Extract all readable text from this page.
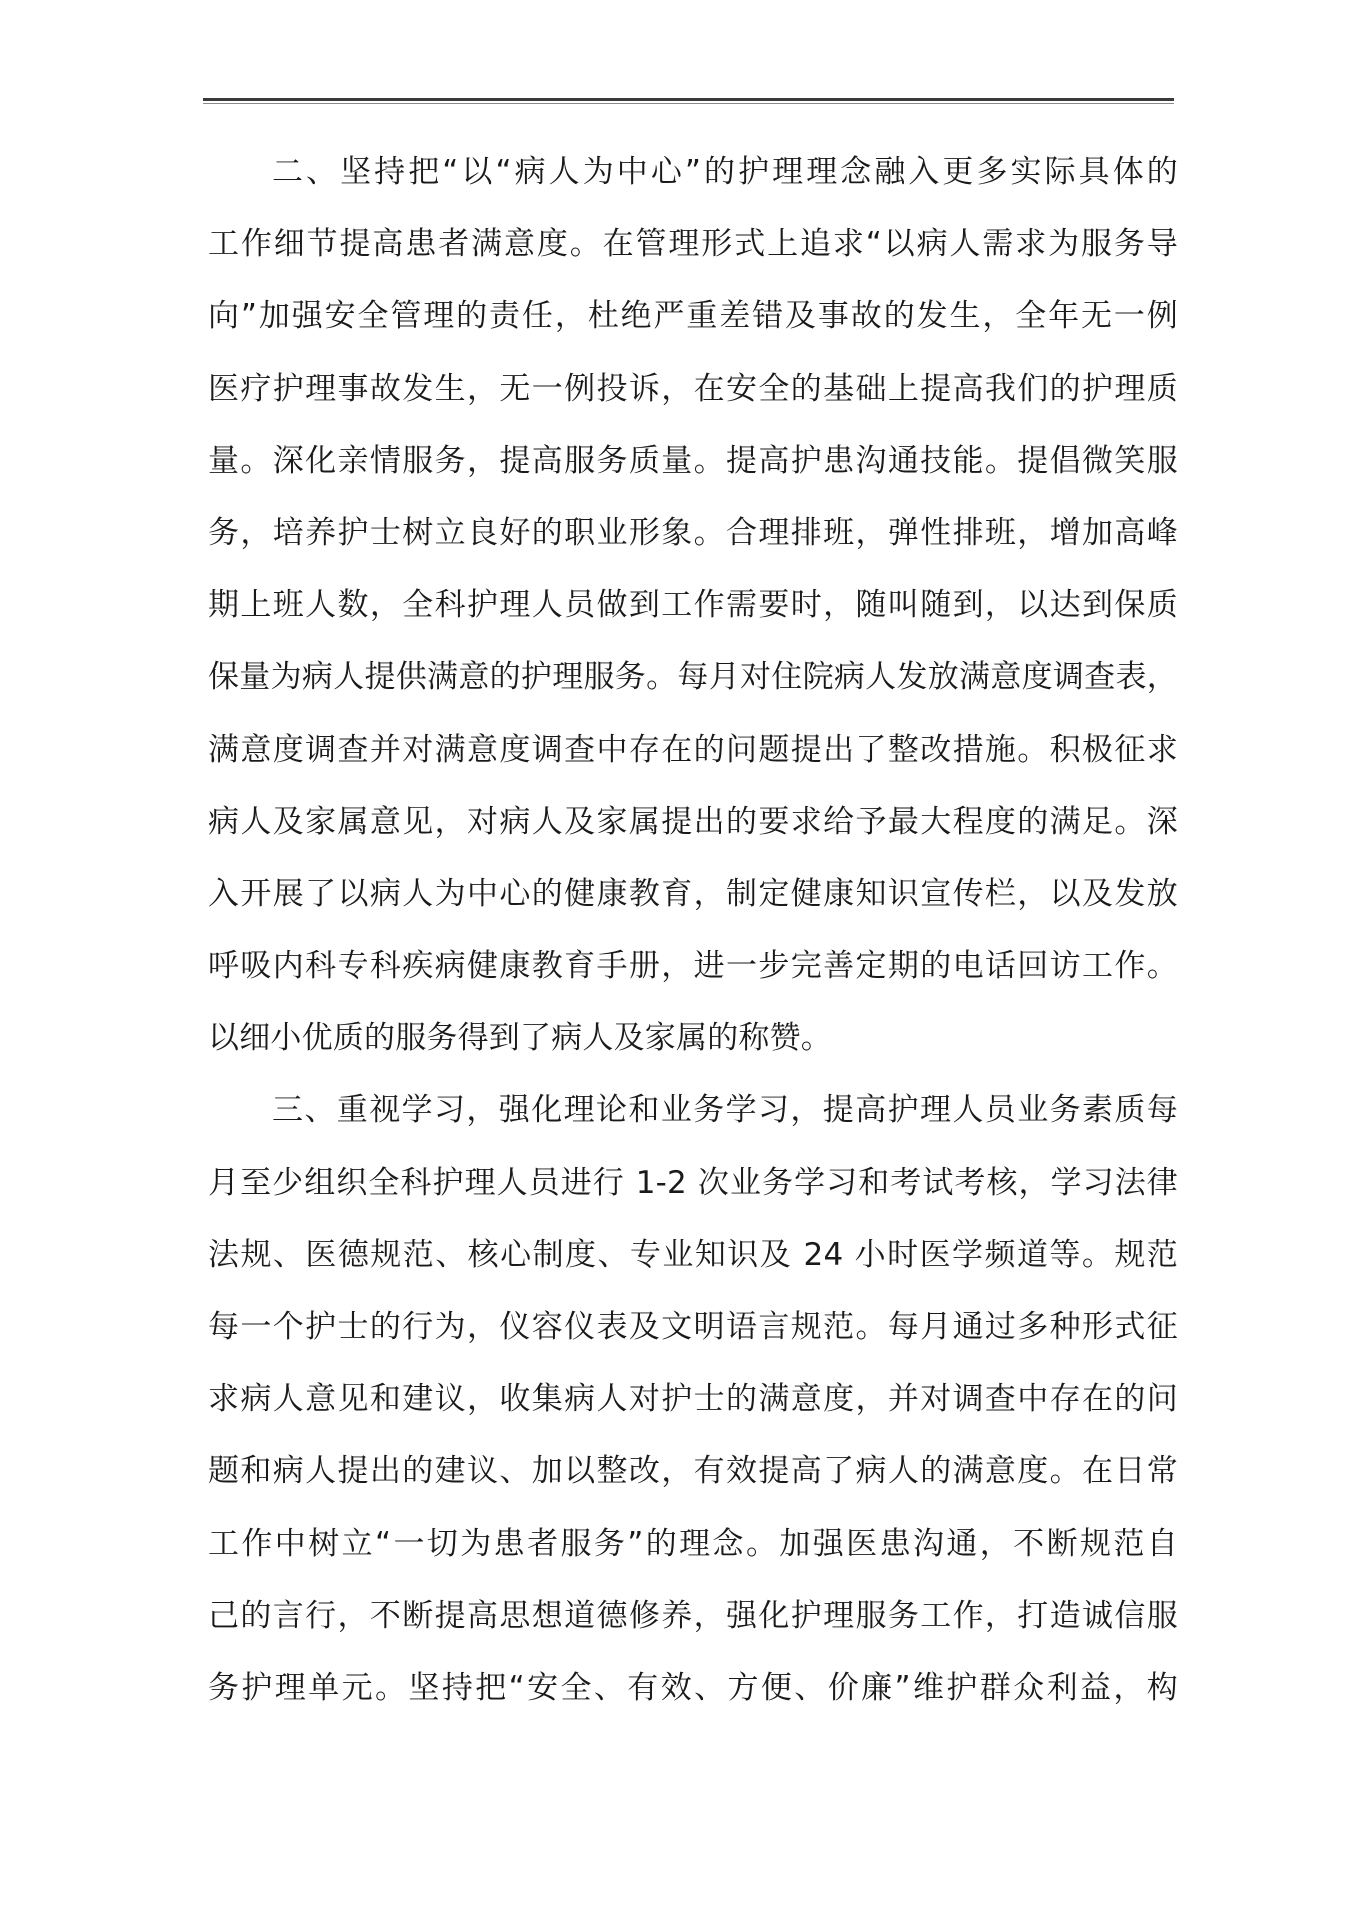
二、坚持把“以“病人为中心”的护理理念融入更多实际具体的
工作细节提高患者满意度。在管理形式上追求“以病人需求为服务导
向”加强安全管理的责任，杜绝严重差错及事故的发生，全年无一例
医疗护理事故发生，无一例投诉，在安全的基础上提高我们的护理质
量。深化亲情服务，提高服务质量。提高护患沟通技能。提倡微笑服
务，培养护士树立良好的职业形象。合理排班，弹性排班，增加高峰
期上班人数，全科护理人员做到工作需要时，随叫随到，以达到保质
保量为病人提供满意的护理服务。每月对住院病人发放满意度调查表，
满意度调查并对满意度调查中存在的问题提出了整改措施。积极征求
病人及家属意见，对病人及家属提出的要求给予最大程度的满足。深
入开展了以病人为中心的健康教育，制定健康知识宣传栏，以及发放
呼吸内科专科疾病健康教育手册，进一步完善定期的电话回访工作。
以细小优质的服务得到了病人及家属的称赞。
三、重视学习，强化理论和业务学习，提高护理人员业务素质每
月至少组织全科护理人员进行 1-2 次业务学习和考试考核，学习法律
法规、医德规范、核心制度、专业知识及 24 小时医学频道等。规范
每一个护士的行为，仪容仪表及文明语言规范。每月通过多种形式征
求病人意见和建议，收集病人对护士的满意度，并对调查中存在的问
题和病人提出的建议、加以整改，有效提高了病人的满意度。在日常
工作中树立“一切为患者服务”的理念。加强医患沟通，不断规范自
己的言行，不断提高思想道德修养，强化护理服务工作，打造诚信服
务护理单元。坚持把“安全、有效、方便、价廉”维护群众利益，构
